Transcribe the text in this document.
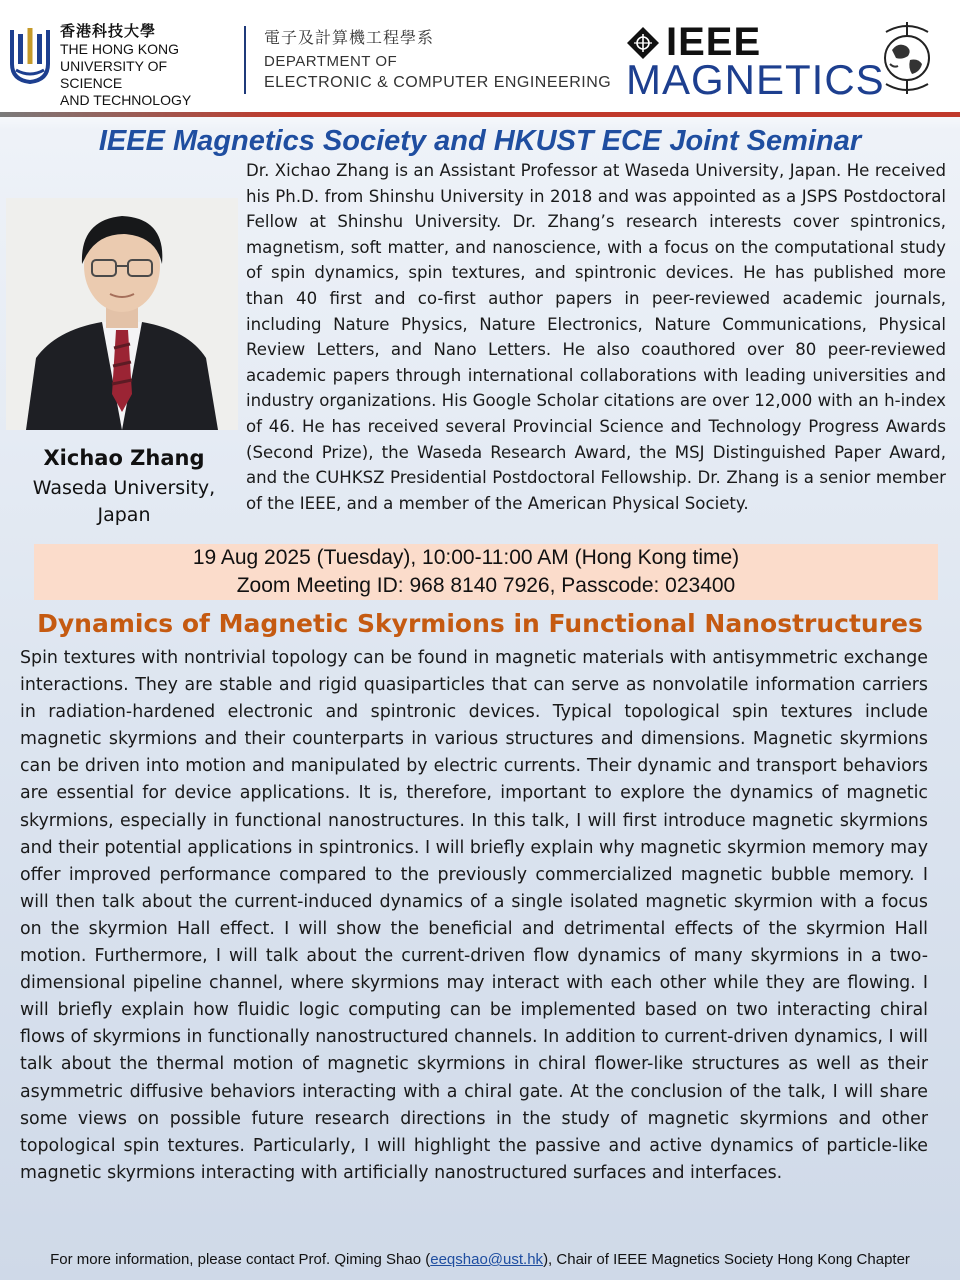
香港科技大學
THE HONG KONG
UNIVERSITY OF SCIENCE
AND TECHNOLOGY
電子及計算機工程學系
DEPARTMENT OF
ELECTRONIC & COMPUTER ENGINEERING
IEEE
MAGNETICS
IEEE Magnetics Society and HKUST ECE Joint Seminar
Xichao Zhang
Waseda University,
Japan

Dr. Xichao Zhang is an Assistant Professor at Waseda University, Japan. He received his Ph.D. from Shinshu University in 2018 and was appointed as a JSPS Postdoctoral Fellow at Shinshu University. Dr. Zhang’s research interests cover spintronics, magnetism, soft matter, and nanoscience, with a focus on the computational study of spin dynamics, spin textures, and spintronic devices. He has published more than 40 first and co-first author papers in peer-reviewed academic journals, including Nature Physics, Nature Electronics, Nature Communications, Physical Review Letters, and Nano Letters. He also coauthored over 80 peer-reviewed academic papers through international collaborations with leading universities and industry organizations. His Google Scholar citations are over 12,000 with an h-index of 46. He has received several Provincial Science and Technology Progress Awards (Second Prize), the Waseda Research Award, the MSJ Distinguished Paper Award, and the CUHKSZ Presidential Postdoctoral Fellowship. Dr. Zhang is a senior member of the IEEE, and a member of the American Physical Society.

19 Aug 2025 (Tuesday), 10:00-11:00 AM (Hong Kong time)
Zoom Meeting ID: 968 8140 7926, Passcode: 023400
Dynamics of Magnetic Skyrmions in Functional Nanostructures

Spin textures with nontrivial topology can be found in magnetic materials with antisymmetric exchange interactions. They are stable and rigid quasiparticles that can serve as nonvolatile information carriers in radiation-hardened electronic and spintronic devices. Typical topological spin textures include magnetic skyrmions and their counterparts in various structures and dimensions. Magnetic skyrmions can be driven into motion and manipulated by electric currents. Their dynamic and transport behaviors are essential for device applications. It is, therefore, important to explore the dynamics of magnetic skyrmions, especially in functional nanostructures. In this talk, I will first introduce magnetic skyrmions and their potential applications in spintronics. I will briefly explain why magnetic skyrmion memory may offer improved performance compared to the previously commercialized magnetic bubble memory. I will then talk about the current-induced dynamics of a single isolated magnetic skyrmion with a focus on the skyrmion Hall effect. I will show the beneficial and detrimental effects of the skyrmion Hall motion. Furthermore, I will talk about the current-driven flow dynamics of many skyrmions in a two-dimensional pipeline channel, where skyrmions may interact with each other while they are flowing. I will briefly explain how fluidic logic computing can be implemented based on two interacting chiral flows of skyrmions in functionally nanostructured channels. In addition to current-driven dynamics, I will talk about the thermal motion of magnetic skyrmions in chiral flower-like structures as well as their asymmetric diffusive behaviors interacting with a chiral gate. At the conclusion of the talk, I will share some views on possible future research directions in the study of magnetic skyrmions and other topological spin textures. Particularly, I will highlight the passive and active dynamics of particle-like magnetic skyrmions interacting with artificially nanostructured surfaces and interfaces.

For more information, please contact Prof. Qiming Shao (eeqshao@ust.hk), Chair of IEEE Magnetics Society Hong Kong Chapter
